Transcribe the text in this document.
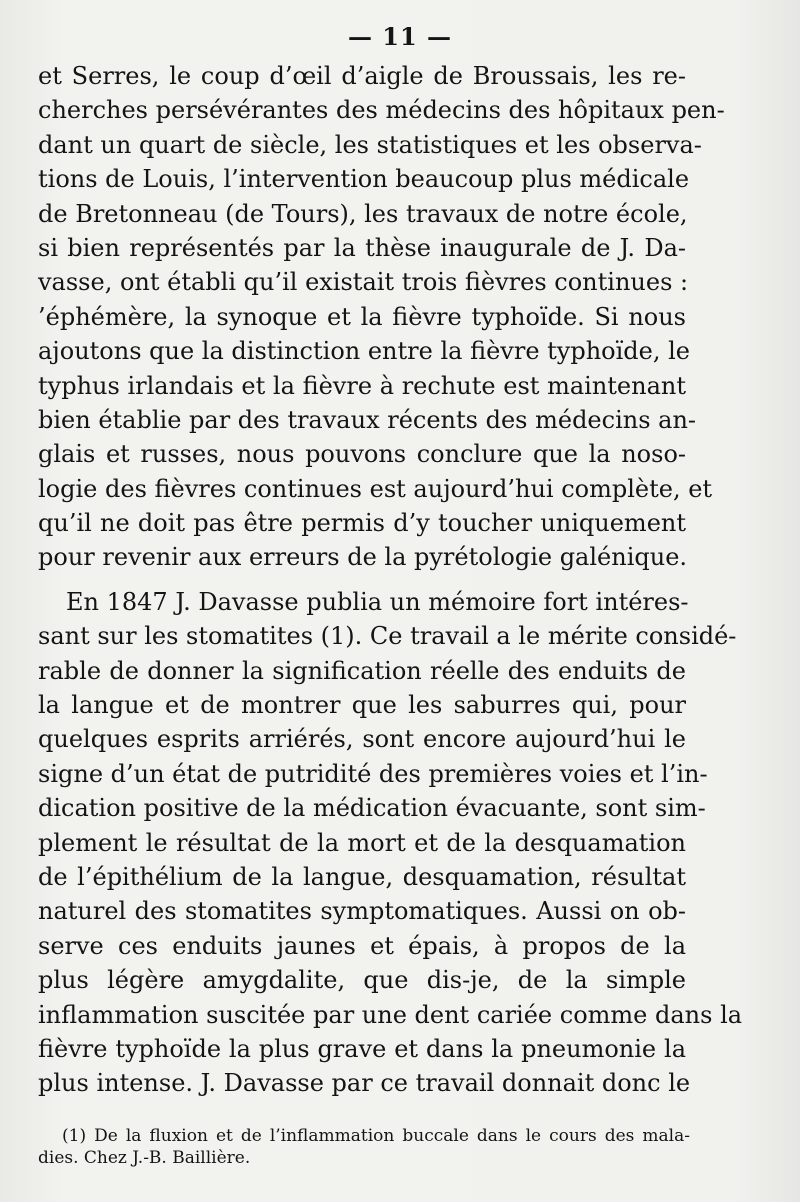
— 11 —
et Serres, le coup d’œil d’aigle de Broussais, les re-
cherches persévérantes des médecins des hôpitaux pen-
dant un quart de siècle, les statistiques et les observa-
tions de Louis, l’intervention beaucoup plus médicale
de Bretonneau (de Tours), les travaux de notre école,
si bien représentés par la thèse inaugurale de J. Da-
vasse, ont établi qu’il existait trois fièvres continues :
’éphémère, la synoque et la fièvre typhoïde. Si nous
ajoutons que la distinction entre la fièvre typhoïde, le
typhus irlandais et la fièvre à rechute est maintenant
bien établie par des travaux récents des médecins an-
glais et russes, nous pouvons conclure que la noso-
logie des fièvres continues est aujourd’hui complète, et
qu’il ne doit pas être permis d’y toucher uniquement
pour revenir aux erreurs de la pyrétologie galénique.
En 1847 J. Davasse publia un mémoire fort intéres-
sant sur les stomatites (1). Ce travail a le mérite considé-
rable de donner la signification réelle des enduits de
la langue et de montrer que les saburres qui, pour
quelques esprits arriérés, sont encore aujourd’hui le
signe d’un état de putridité des premières voies et l’in-
dication positive de la médication évacuante, sont sim-
plement le résultat de la mort et de la desquamation
de l’épithélium de la langue, desquamation, résultat
naturel des stomatites symptomatiques. Aussi on ob-
serve ces enduits jaunes et épais, à propos de la
plus légère amygdalite, que dis-je, de la simple
inflammation suscitée par une dent cariée comme dans la
fièvre typhoïde la plus grave et dans la pneumonie la
plus intense. J. Davasse par ce travail donnait donc le
(1) De la fluxion et de l’inflammation buccale dans le cours des mala-
dies. Chez J.-B. Baillière.
